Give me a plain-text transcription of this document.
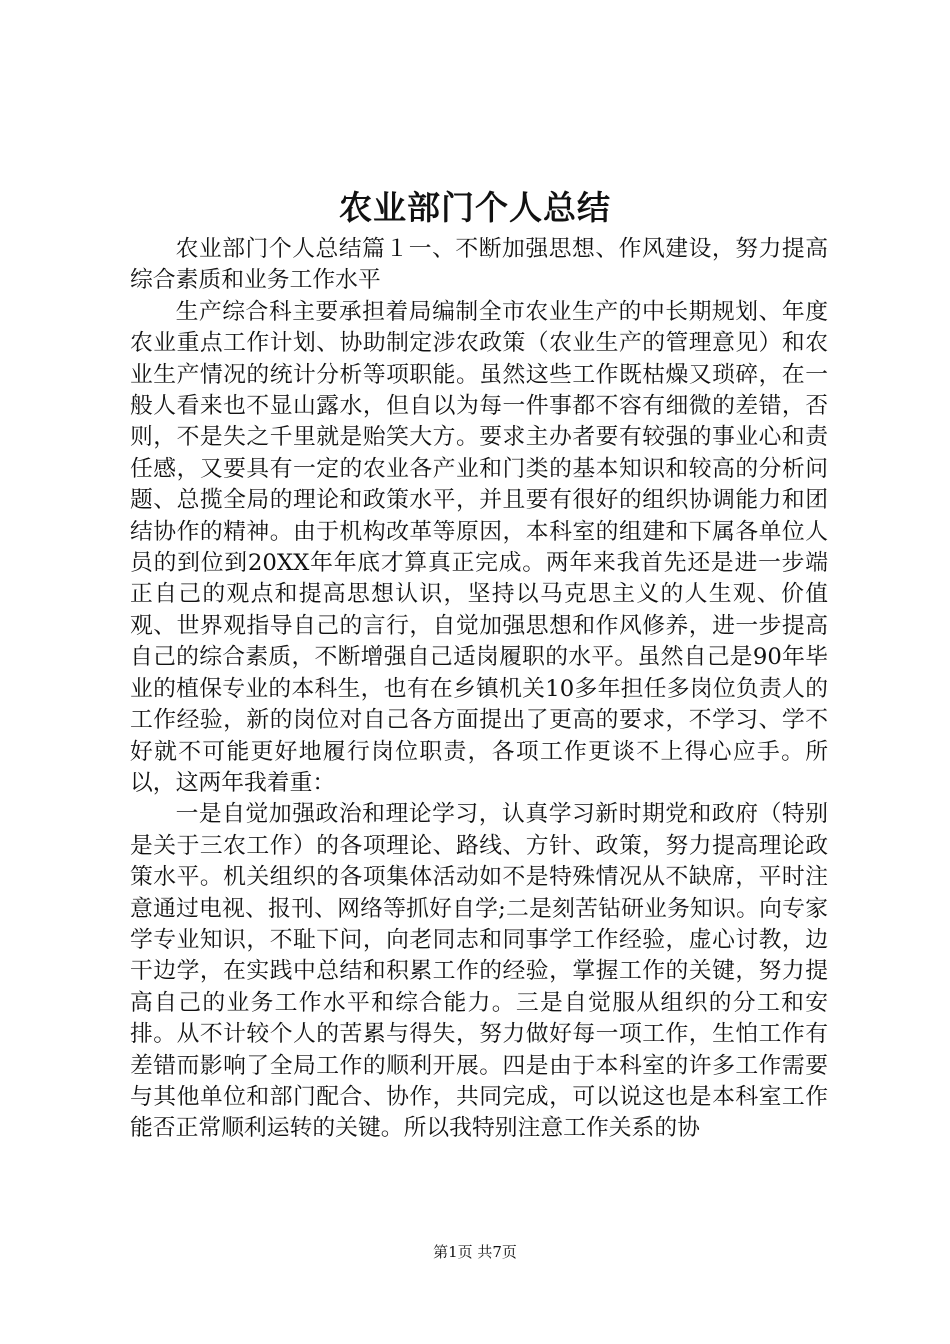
农业部门个人总结

农业部门个人总结篇１一、不断加强思想、作风建设，努力提高综合素质和业务工作水平

生产综合科主要承担着局编制全市农业生产的中长期规划、年度农业重点工作计划、协助制定涉农政策（农业生产的管理意见）和农业生产情况的统计分析等项职能。虽然这些工作既枯燥又琐碎，在一般人看来也不显山露水，但自以为每一件事都不容有细微的差错，否则，不是失之千里就是贻笑大方。要求主办者要有较强的事业心和责任感，又要具有一定的农业各产业和门类的基本知识和较高的分析问题、总揽全局的理论和政策水平，并且要有很好的组织协调能力和团结协作的精神。由于机构改革等原因，本科室的组建和下属各单位人员的到位到20XX年年底才算真正完成。两年来我首先还是进一步端正自己的观点和提高思想认识，坚持以马克思主义的人生观、价值观、世界观指导自己的言行，自觉加强思想和作风修养，进一步提高自己的综合素质，不断增强自己适岗履职的水平。虽然自己是90年毕业的植保专业的本科生，也有在乡镇机关10多年担任多岗位负责人的工作经验，新的岗位对自己各方面提出了更高的要求，不学习、学不好就不可能更好地履行岗位职责，各项工作更谈不上得心应手。所以，这两年我着重：

一是自觉加强政治和理论学习，认真学习新时期党和政府（特别是关于三农工作）的各项理论、路线、方针、政策，努力提高理论政策水平。机关组织的各项集体活动如不是特殊情况从不缺席，平时注意通过电视、报刊、网络等抓好自学;二是刻苦钻研业务知识。向专家学专业知识，不耻下问，向老同志和同事学工作经验，虚心讨教，边干边学，在实践中总结和积累工作的经验，掌握工作的关键，努力提高自己的业务工作水平和综合能力。三是自觉服从组织的分工和安排。从不计较个人的苦累与得失，努力做好每一项工作，生怕工作有差错而影响了全局工作的顺利开展。四是由于本科室的许多工作需要与其他单位和部门配合、协作，共同完成，可以说这也是本科室工作能否正常顺利运转的关键。所以我特别注意工作关系的协

第1页 共7页
